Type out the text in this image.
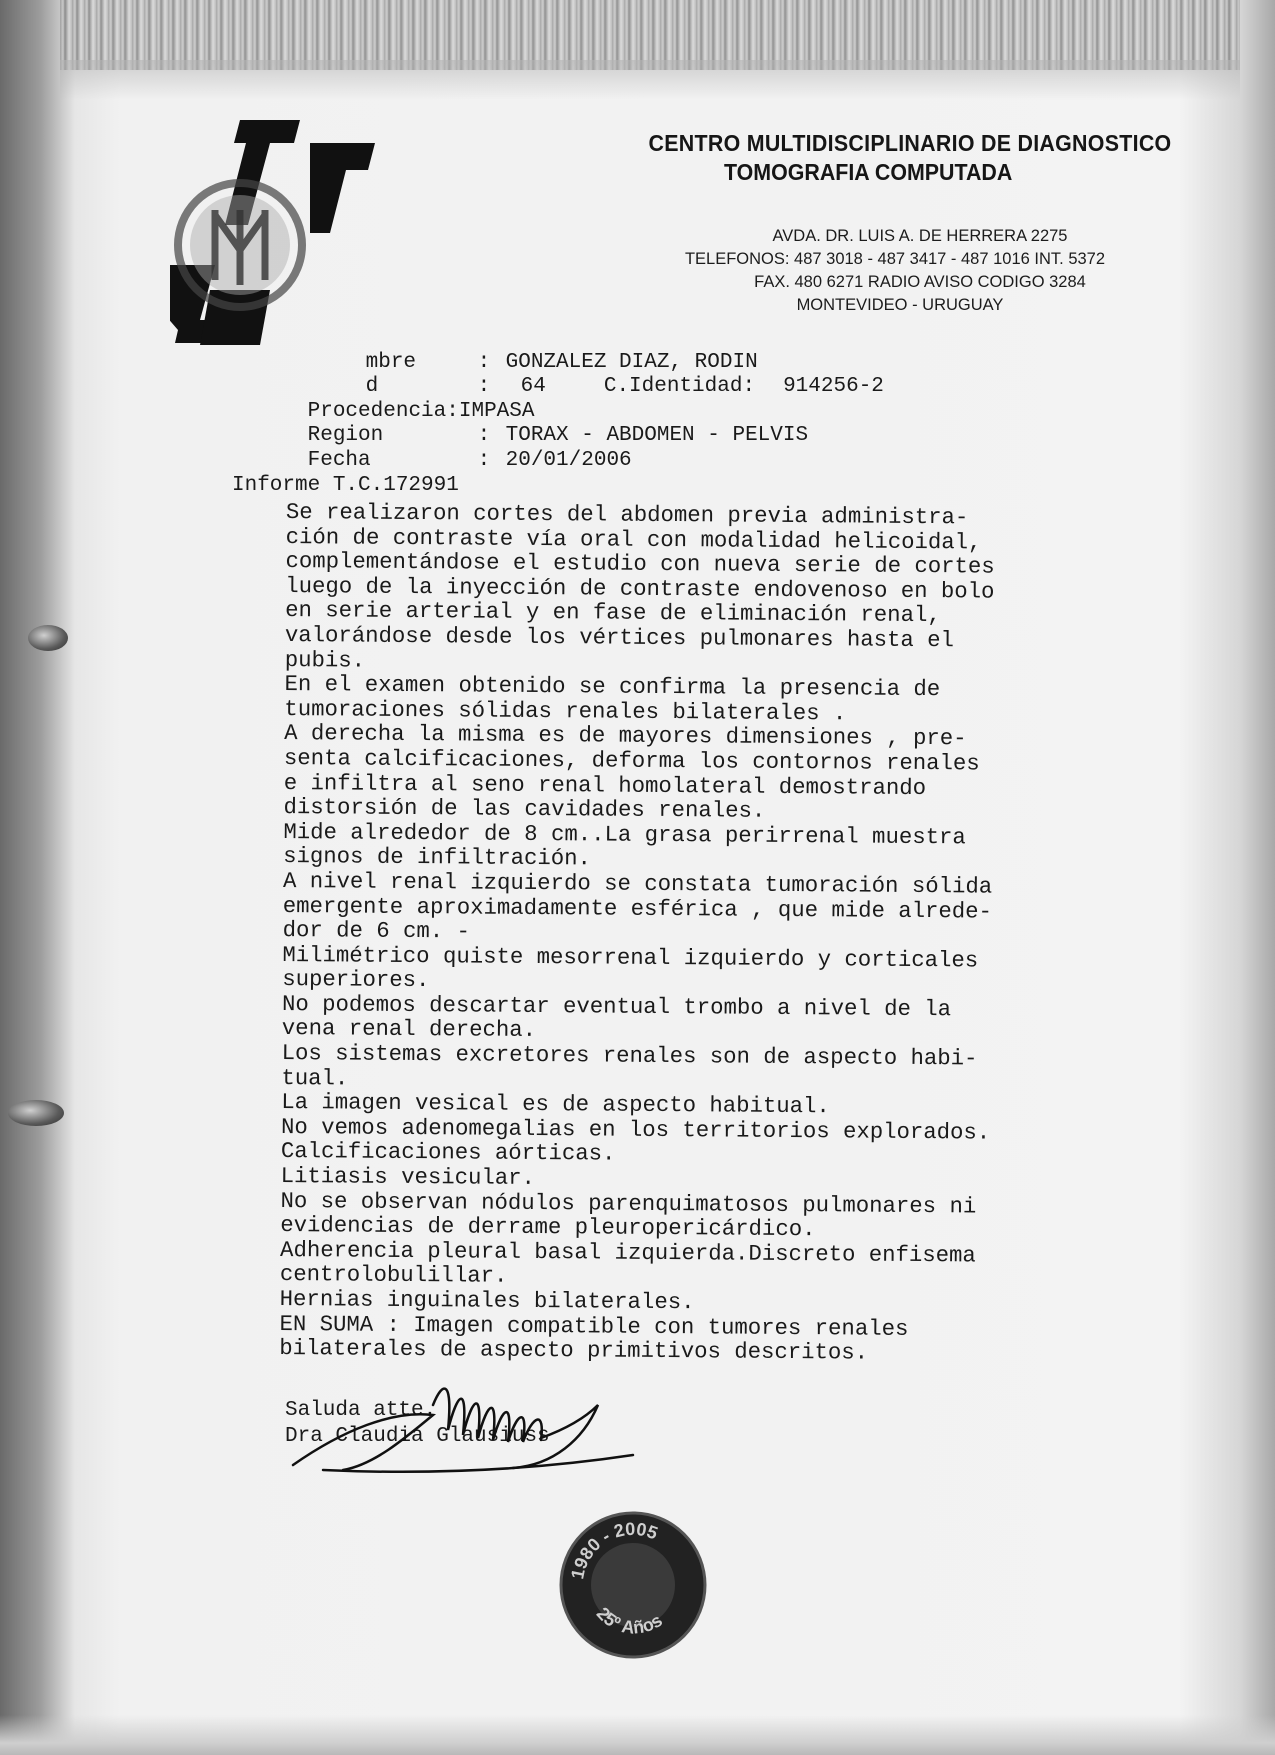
CENTRO MULTIDISCIPLINARIO DE DIAGNOSTICO
TOMOGRAFIA COMPUTADA
AVDA. DR. LUIS A. DE HERRERA 2275
TELEFONOS: 487 3018 - 487 3417 - 487 1016 INT. 5372
FAX. 480 6271 RADIO AVISO CODIGO 3284
MONTEVIDEO - URUGUAY

mbre	: GONZALEZ DIAZ, RODIN

d	: 64	C.Identidad: 914256-2

Procedencia:IMPASA

Region	: TORAX - ABDOMEN - PELVIS

Fecha	: 20/01/2006

Informe T.C.172991
Se realizaron cortes del abdomen previa administra-
ción de contraste vía oral con modalidad helicoidal,
complementándose el estudio con nueva serie de cortes
luego de la inyección de contraste endovenoso en bolo
en serie arterial y en fase de eliminación renal,
valorándose desde los vértices pulmonares hasta el
pubis.
En el examen obtenido se confirma la presencia de
tumoraciones sólidas renales bilaterales .
A derecha la misma es de mayores dimensiones , pre-
senta calcificaciones, deforma los contornos renales
e infiltra al seno renal homolateral demostrando
distorsión de las cavidades renales.
Mide alrededor de 8 cm..La grasa perirrenal muestra
signos de infiltración.
A nivel renal izquierdo se constata tumoración sólida
emergente aproximadamente esférica , que mide alrede-
dor de 6 cm. -
Milimétrico quiste mesorrenal izquierdo y corticales
superiores.
No podemos descartar eventual trombo a nivel de la
vena renal derecha.
Los sistemas excretores renales son de aspecto habi-
tual.
La imagen vesical es de aspecto habitual.
No vemos adenomegalias en los territorios explorados.
Calcificaciones aórticas.
Litiasis vesicular.
No se observan nódulos parenquimatosos pulmonares ni
evidencias de derrame pleuropericárdico.
Adherencia pleural basal izquierda.Discreto enfisema
centrolobulillar.
Hernias inguinales bilaterales.
EN SUMA : Imagen compatible con tumores renales
bilaterales de aspecto primitivos descritos.
Saluda atte.
Dra Claudia Glausiuss
1980 - 2005
25º Años
